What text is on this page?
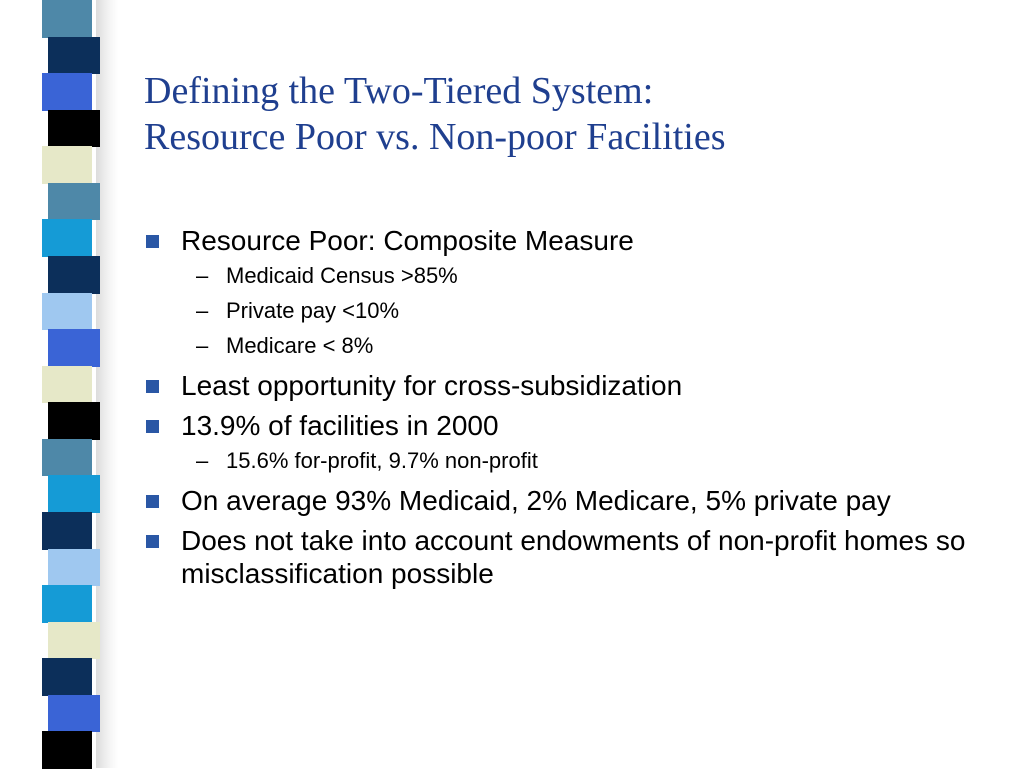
Defining the Two-Tiered System:
Resource Poor vs. Non-poor Facilities
Resource Poor: Composite Measure
– Medicaid Census >85%
– Private pay <10%
– Medicare < 8%
Least opportunity for cross-subsidization
13.9% of facilities in 2000
– 15.6% for-profit, 9.7% non-profit
On average 93% Medicaid, 2% Medicare, 5% private pay
Does not take into account endowments of non-profit homes so misclassification possible
